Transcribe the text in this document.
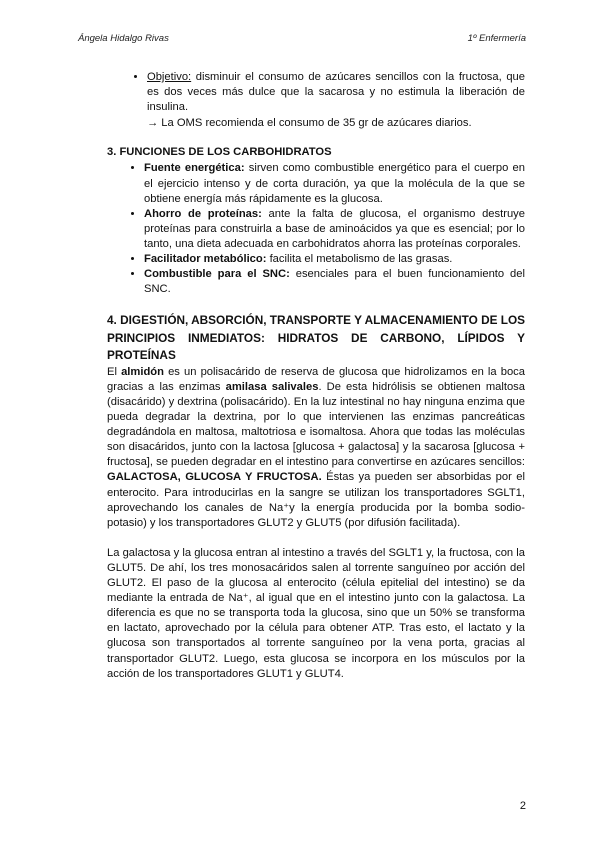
Ángela Hidalgo Rivas	1º Enfermería
• Objetivo: disminuir el consumo de azúcares sencillos con la fructosa, que es dos veces más dulce que la sacarosa y no estimula la liberación de insulina.
→ La OMS recomienda el consumo de 35 gr de azúcares diarios.
3. FUNCIONES DE LOS CARBOHIDRATOS
• Fuente energética: sirven como combustible energético para el cuerpo en el ejercicio intenso y de corta duración, ya que la molécula de la que se obtiene energía más rápidamente es la glucosa.
• Ahorro de proteínas: ante la falta de glucosa, el organismo destruye proteínas para construirla a base de aminoácidos ya que es esencial; por lo tanto, una dieta adecuada en carbohidratos ahorra las proteínas corporales.
• Facilitador metabólico: facilita el metabolismo de las grasas.
• Combustible para el SNC: esenciales para el buen funcionamiento del SNC.
4. DIGESTIÓN, ABSORCIÓN, TRANSPORTE Y ALMACENAMIENTO DE LOS PRINCIPIOS INMEDIATOS: HIDRATOS DE CARBONO, LÍPIDOS Y PROTEÍNAS

El almidón es un polisacárido de reserva de glucosa que hidrolizamos en la boca gracias a las enzimas amilasa salivales. De esta hidrólisis se obtienen maltosa (disacárido) y dextrina (polisacárido). En la luz intestinal no hay ninguna enzima que pueda degradar la dextrina, por lo que intervienen las enzimas pancreáticas degradándola en maltosa, maltotriosa e isomaltosa. Ahora que todas las moléculas son disacáridos, junto con la lactosa [glucosa + galactosa] y la sacarosa [glucosa + fructosa], se pueden degradar en el intestino para convertirse en azúcares sencillos: GALACTOSA, GLUCOSA Y FRUCTOSA. Éstas ya pueden ser absorbidas por el enterocito. Para introducirlas en la sangre se utilizan los transportadores SGLT1, aprovechando los canales de Na⁺y la energía producida por la bomba sodio-potasio) y los transportadores GLUT2 y GLUT5 (por difusión facilitada).

La galactosa y la glucosa entran al intestino a través del SGLT1 y, la fructosa, con la GLUT5. De ahí, los tres monosacáridos salen al torrente sanguíneo por acción del GLUT2. El paso de la glucosa al enterocito (célula epitelial del intestino) se da mediante la entrada de Na⁺, al igual que en el intestino junto con la galactosa. La diferencia es que no se transporta toda la glucosa, sino que un 50% se transforma en lactato, aprovechado por la célula para obtener ATP. Tras esto, el lactato y la glucosa son transportados al torrente sanguíneo por la vena porta, gracias al transportador GLUT2. Luego, esta glucosa se incorpora en los músculos por la acción de los transportadores GLUT1 y GLUT4.

2
